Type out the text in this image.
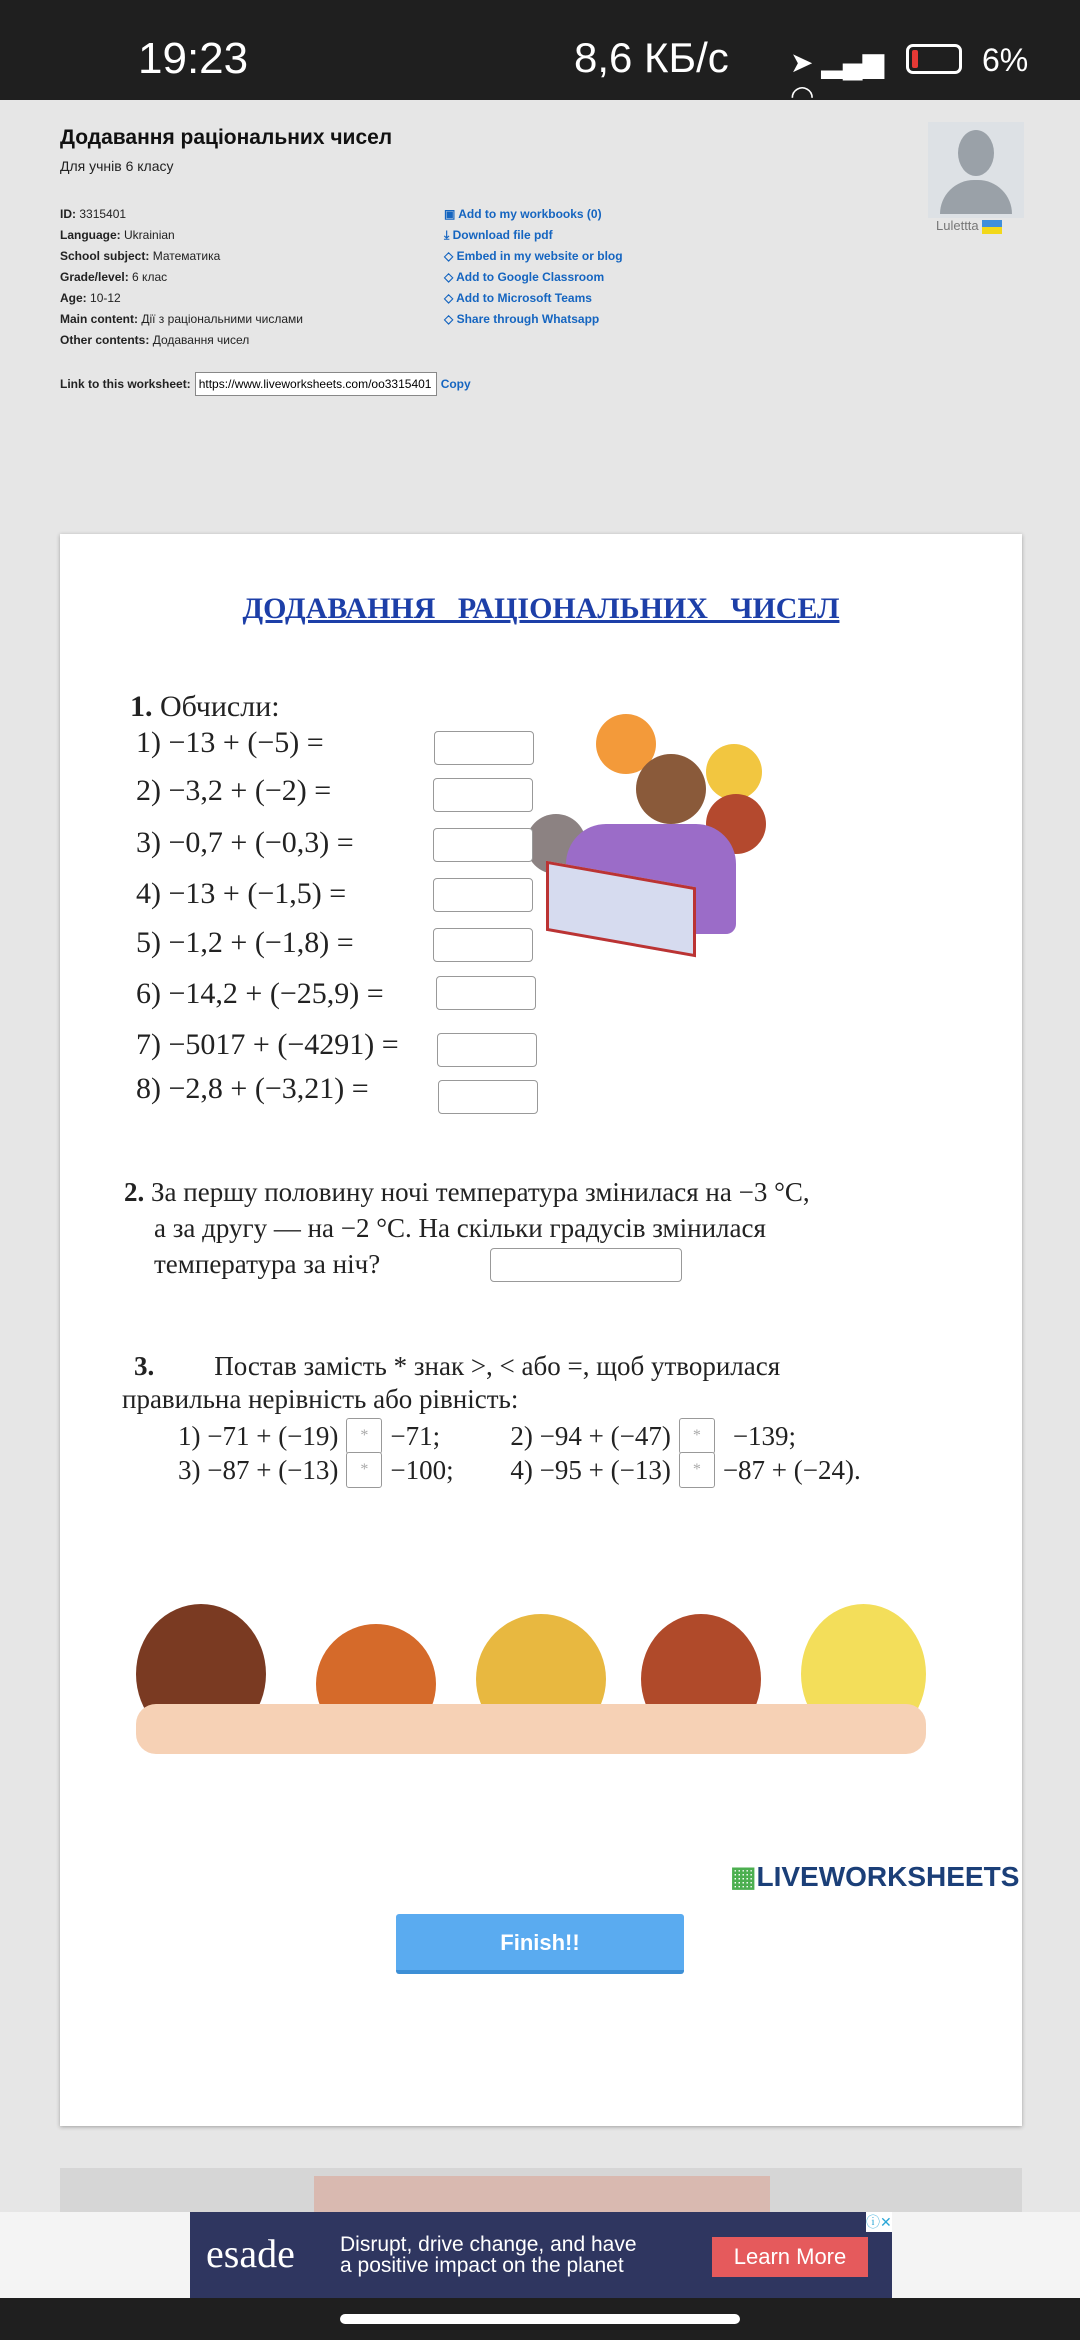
19:23	8,6 КБ/с ➤ ▂▄▆ ◠
6%
Додавання раціональних чисел
Для учнів 6 класу
ID: 3315401
Language: Ukrainian
School subject: Математика
Grade/level: 6 клас
Age: 10-12
Main content: Дії з раціональними числами
Other contents: Додавання чисел
▣ Add to my workbooks (0)
⤓ Download file pdf
◇ Embed in my website or blog
◇ Add to Google Classroom
◇ Add to Microsoft Teams
◇ Share through Whatsapp
Link to this worksheet:
https://www.liveworksheets.com/oo3315401	Copy
Luletttа
ДОДАВАННЯ   РАЦІОНАЛЬНИХ   ЧИСЕЛ
1. Обчисли:
1) −13 + (−5) =
2) −3,2 + (−2) =
3) −0,7 + (−0,3) =
4) −13 + (−1,5) =
5) −1,2 + (−1,8) =
6) −14,2 + (−25,9) =
7) −5017 + (−4291) =
8) −2,8 + (−3,21) =
2. За першу половину ночі температура змінилася на −3 °С,
а за другу — на −2 °С. На скільки градусів змінилася
температура за ніч?
3. Постав замість * знак >, < або =, щоб утворилася
правильна нерівність або рівність:
1) −71 + (−19)	* −71;	2) −94 + (−47)	*	−139;
3) −87 + (−13)	* −100;	4) −95 + (−13)	* −87 + (−24).
▦LIVEWORKSHEETS
Finish!!
esade Disrupt, drive change, and have
a positive impact on the planet	Learn More
ⓘ✕
